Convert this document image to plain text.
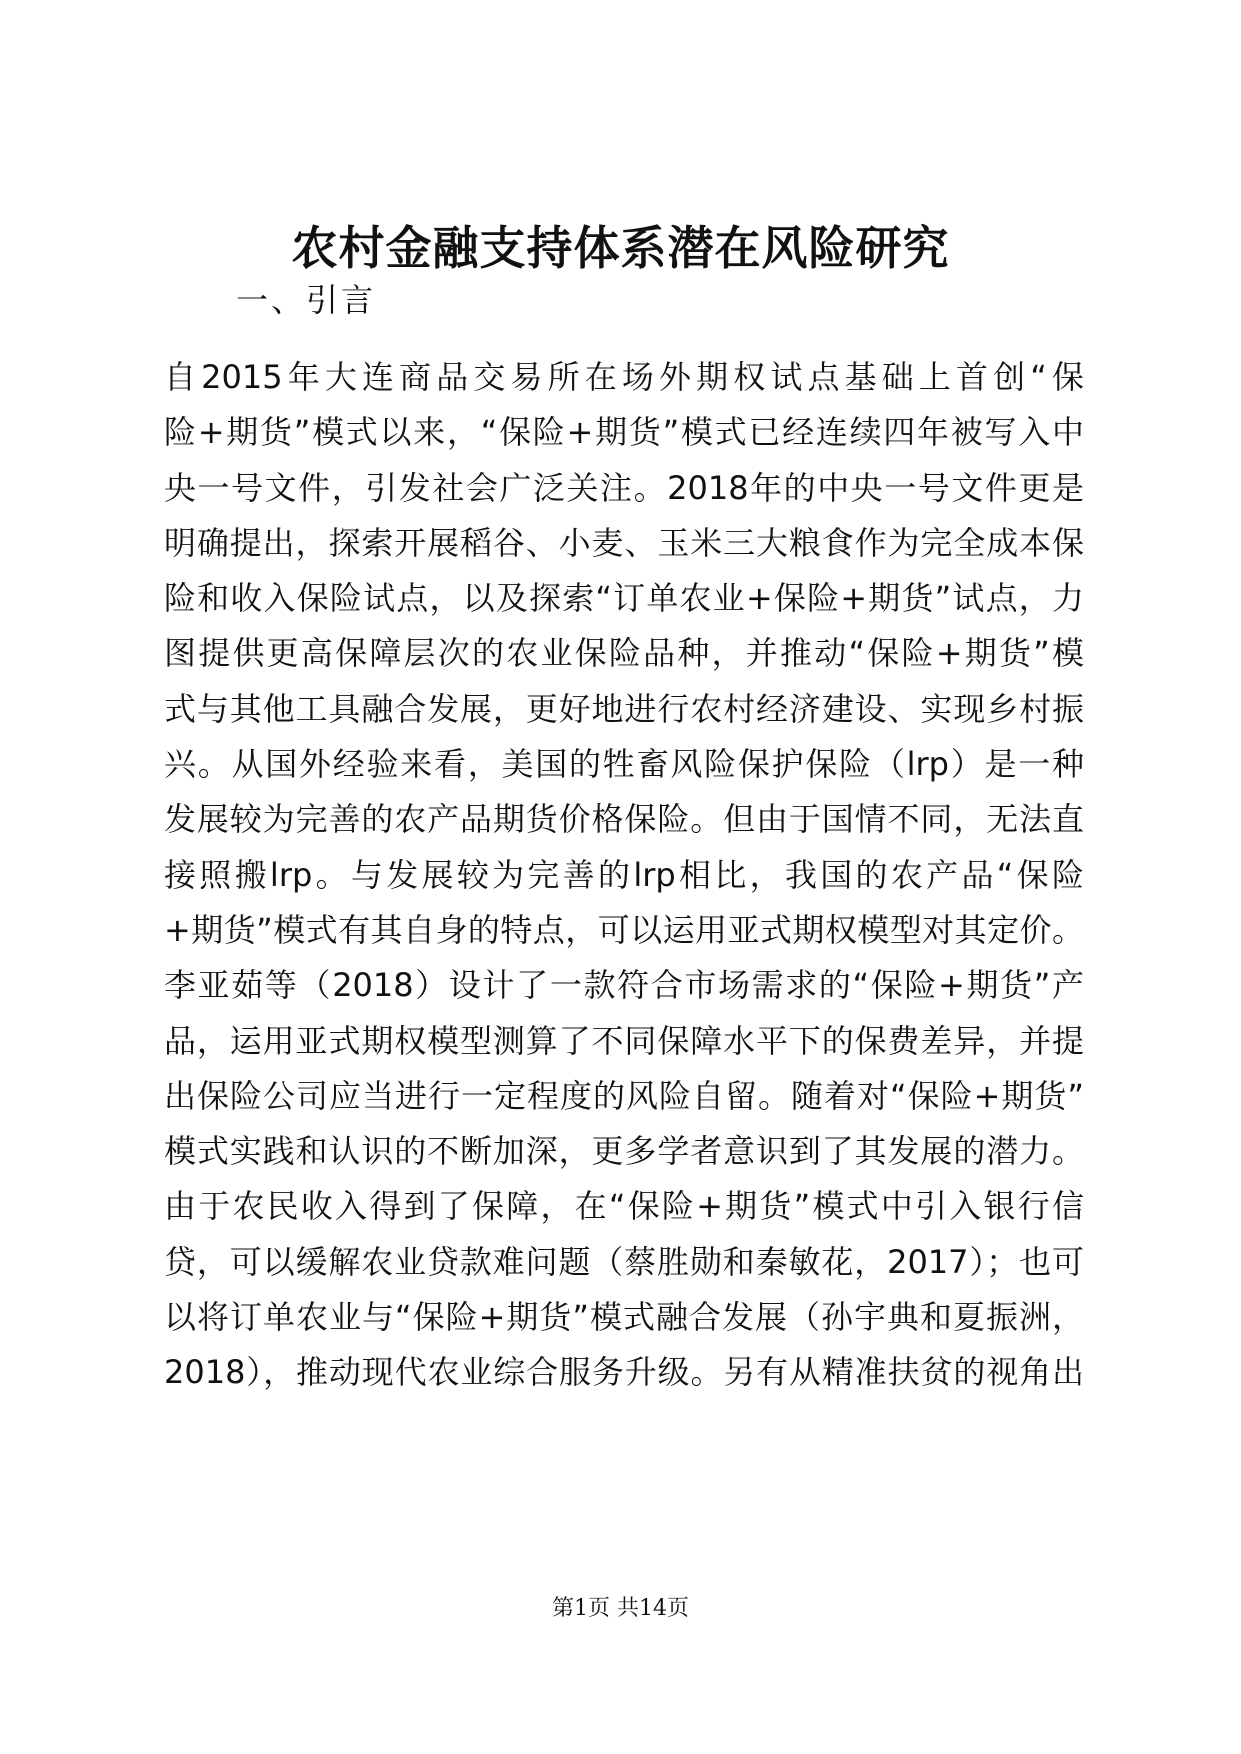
农村金融支持体系潜在风险研究
一、引言
自2015年大连商品交易所在场外期权试点基础上首创“保
险+期货”模式以来，“保险+期货”模式已经连续四年被写入中
央一号文件，引发社会广泛关注。2018年的中央一号文件更是
明确提出，探索开展稻谷、小麦、玉米三大粮食作为完全成本保
险和收入保险试点，以及探索“订单农业+保险+期货”试点，力
图提供更高保障层次的农业保险品种，并推动“保险+期货”模
式与其他工具融合发展，更好地进行农村经济建设、实现乡村振
兴。从国外经验来看，美国的牲畜风险保护保险（lrp）是一种
发展较为完善的农产品期货价格保险。但由于国情不同，无法直
接照搬lrp。与发展较为完善的lrp相比，我国的农产品“保险
+期货”模式有其自身的特点，可以运用亚式期权模型对其定价。
李亚茹等（2018）设计了一款符合市场需求的“保险+期货”产
品，运用亚式期权模型测算了不同保障水平下的保费差异，并提
出保险公司应当进行一定程度的风险自留。随着对“保险+期货”
模式实践和认识的不断加深，更多学者意识到了其发展的潜力。
由于农民收入得到了保障，在“保险+期货”模式中引入银行信
贷，可以缓解农业贷款难问题（蔡胜勋和秦敏花，2017）；也可
以将订单农业与“保险+期货”模式融合发展（孙宇典和夏振洲，
2018），推动现代农业综合服务升级。另有从精准扶贫的视角出
第1页 共14页
